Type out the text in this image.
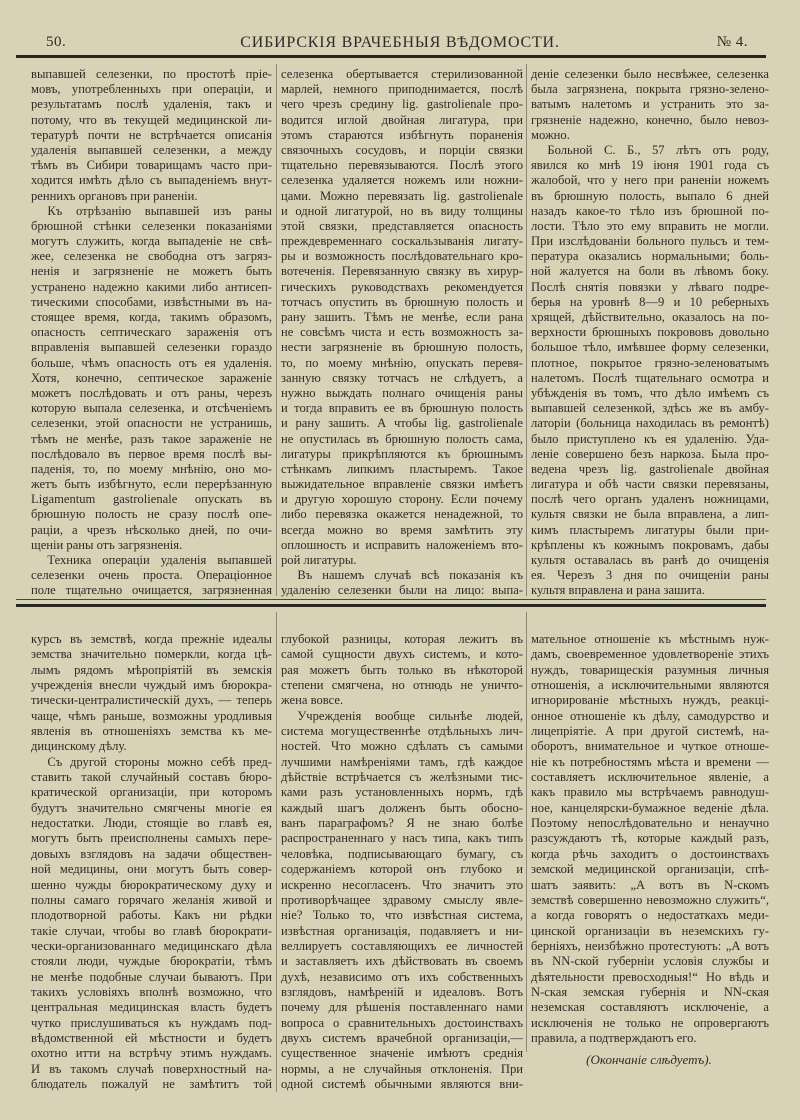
50.	СИБИРСКІЯ ВРАЧЕБНЫЯ ВѢДОМОСТИ.	№ 4.
выпавшей селезенки, по простотѣ пріе-
мовъ, употребленныхъ при операціи, и
результатамъ послѣ удаленія, такъ и
потому, что въ текущей медицинской ли-
тературѣ почти не встрѣчается описанія
удаленія выпавшей селезенки, а между
тѣмъ въ Сибири товарищамъ часто при-
ходится имѣть дѣло съ выпаденіемъ внут-
реннихъ органовъ при раненіи.
Къ отрѣзанію выпавшей изъ раны
брюшной стѣнки селезенки показаніями
могутъ служить, когда выпаденіе не свѣ-
жее, селезенка не свободна отъ загряз-
ненія и загрязненіе не можетъ быть
устранено надежно какими либо антисеп-
тическими способами, извѣстными въ на-
стоящее время, когда, такимъ образомъ,
опасность септическаго зараженія отъ
вправленія выпавшей селезенки гораздо
больше, чѣмъ опасность отъ ея удаленія.
Хотя, конечно, септическое зараженіе
можетъ послѣдовать и отъ раны, черезъ
которую выпала селезенка, и отсѣченіемъ
селезенки, этой опасности не устранишь,
тѣмъ не менѣе, разъ такое зараженіе не
послѣдовало въ первое время послѣ вы-
паденія, то, по моему мнѣнію, оно мо-
жетъ быть избѣгнуто, если перерѣзанную
Ligamentum gastrolienale опускать въ
брюшную полость не сразу послѣ опе-
раціи, а чрезъ нѣсколько дней, по очи-
щеніи раны отъ загрязненія.
Техника операціи удаленія выпавшей
селезенки очень проста. Операціонное
поле тщательно очищается, загрязненная
селезенка обертывается стерилизованной
марлей, немного приподнимается, послѣ
чего чрезъ средину lig. gastrolienale про-
водится иглой двойная лигатура, при
этомъ стараются избѣгнуть пораненія
связочныхъ сосудовъ, и порціи связки
тщательно перевязываются. Послѣ этого
селезенка удаляется ножемъ или ножни-
цами. Можно перевязать lig. gastrolienale
и одной лигатурой, но въ виду толщины
этой связки, представляется опасность
преждевременнаго соскальзыванія лигату-
ры и возможность послѣдовательнаго кро-
вотеченія. Перевязанную связку въ хирур-
гическихъ руководствахъ рекомендуется
тотчасъ опустить въ брюшную полость и
рану зашить. Тѣмъ не менѣе, если рана
не совсѣмъ чиста и есть возможность за-
нести загрязненіе въ брюшную полость,
то, по моему мнѣнію, опускать перевя-
занную связку тотчасъ не слѣдуетъ, а
нужно выждать полнаго очищенія раны
и тогда вправить ее въ брюшную полость
и рану зашить. А чтобы lig. gastrolienale
не опустилась въ брюшную полость сама,
лигатуры прикрѣпляются къ брюшнымъ
стѣнкамъ липкимъ пластыремъ. Такое
выжидательное вправленіе связки имѣетъ
и другую хорошую сторону. Если почему
либо перевязка окажется ненадежной, то
всегда можно во время замѣтить эту
оплошность и исправить наложеніемъ вто-
рой лигатуры.
Въ нашемъ случаѣ всѣ показанія къ
удаленію селезенки были на лицо: выпа-
деніе селезенки было несвѣжее, селезенка
была загрязнена, покрыта грязно-зелено-
ватымъ налетомъ и устранить это за-
грязненіе надежно, конечно, было невоз-
можно.
Больной С. Б., 57 лѣтъ отъ роду,
явился ко мнѣ 19 іюня 1901 года съ
жалобой, что у него при раненіи ножемъ
въ брюшную полость, выпало 6 дней
назадъ какое-то тѣло изъ брюшной по-
лости. Тѣло это ему вправить не могли.
При изслѣдованіи больного пульсъ и тем-
пература оказались нормальными; боль-
ной жалуется на боли въ лѣвомъ боку.
Послѣ снятія повязки у лѣваго подре-
берья на уровнѣ 8—9 и 10 реберныхъ
хрящей, дѣйствительно, оказалось на по-
верхности брюшныхъ покрововъ довольно
большое тѣло, имѣвшее форму селезенки,
плотное, покрытое грязно-зеленоватымъ
налетомъ. Послѣ тщательнаго осмотра и
убѣжденія въ томъ, что дѣло имѣемъ съ
выпавшей селезенкой, здѣсь же въ амбу-
латоріи (больница находилась въ ремонтѣ)
было приступлено къ ея удаленію. Уда-
леніе совершено безъ наркоза. Была про-
ведена чрезъ lig. gastrolienale двойная
лигатура и обѣ части связки перевязаны,
послѣ чего органъ удаленъ ножницами,
культя связки не была вправлена, а лип-
кимъ пластыремъ лигатуры были при-
крѣплены къ кожнымъ покровамъ, дабы
культя оставалась въ ранѣ до очищенія
ея. Черезъ 3 дня по очищеніи раны
культя вправлена и рана зашита.
курсъ въ земствѣ, когда прежніе идеалы
земства значительно померкли, когда цѣ-
лымъ рядомъ мѣропріятій въ земскія
учрежденія внесли чуждый имъ бюрокра-
тически-централистическій духъ, — теперь
чаще, чѣмъ раньше, возможны уродливыя
явленія въ отношеніяхъ земства къ ме-
дицинскому дѣлу.
Съ другой стороны можно себѣ пред-
ставить такой случайный составъ бюро-
кратической организаціи, при которомъ
будутъ значительно смягчены многіе ея
недостатки. Люди, стоящіе во главѣ ея,
могутъ быть преисполнены самыхъ пере-
довыхъ взглядовъ на задачи обществен-
ной медицины, они могутъ быть совер-
шенно чужды бюрократическому духу и
полны самаго горячаго желанія живой и
плодотворной работы. Какъ ни рѣдки
такіе случаи, чтобы во главѣ бюрократи-
чески-организованнаго медицинскаго дѣла
стояли люди, чуждые бюрократіи, тѣмъ
не менѣе подобные случаи бываютъ. При
такихъ условіяхъ вполнѣ возможно, что
центральная медицинская власть будетъ
чутко прислушиваться къ нуждамъ под-
вѣдомственной ей мѣстности и будетъ
охотно итти на встрѣчу этимъ нуждамъ.
И въ такомъ случаѣ поверхностный на-
блюдатель пожалуй не замѣтитъ той
глубокой разницы, которая лежитъ въ
самой сущности двухъ системъ, и кото-
рая можетъ быть только въ нѣкоторой
степени смягчена, но отнюдь не уничто-
жена вовсе.
Учрежденія вообще сильнѣе людей,
система могущественнѣе отдѣльныхъ лич-
ностей. Что можно сдѣлать съ самыми
лучшими намѣреніями тамъ, гдѣ каждое
дѣйствіе встрѣчается съ желѣзными тис-
ками разъ установленныхъ нормъ, гдѣ
каждый шагъ долженъ быть обосно-
ванъ параграфомъ? Я не знаю болѣе
распространеннаго у насъ типа, какъ типъ
человѣка, подписывающаго бумагу, съ
содержаніемъ которой онъ глубоко и
искренно несогласенъ. Что значитъ это
противорѣчащее здравому смыслу явле-
ніе? Только то, что извѣстная система,
извѣстная организація, подавляетъ и ни-
веллируетъ составляющихъ ее личностей
и заставляетъ ихъ дѣйствовать въ своемъ
духѣ, независимо отъ ихъ собственныхъ
взглядовъ, намѣреній и идеаловъ. Вотъ
почему для рѣшенія поставленнаго нами
вопроса о сравнительныхъ достоинствахъ
двухъ системъ врачебной организаціи,—
существенное значеніе имѣютъ среднія
нормы, а не случайныя отклоненія. При
одной системѣ обычными являются вни-
мательное отношеніе къ мѣстнымъ нуж-
дамъ, своевременное удовлетвореніе этихъ
нуждъ, товарищескія разумныя личныя
отношенія, а исключительными являются
игнорированіе мѣстныхъ нуждъ, реакці-
онное отношеніе къ дѣлу, самодурство и
лицепріятіе. А при другой системѣ, на-
оборотъ, внимательное и чуткое отноше-
ніе къ потребностямъ мѣста и времени —
составляетъ исключительное явленіе, а
какъ правило мы встрѣчаемъ равнодуш-
ное, канцелярски-бумажное веденіе дѣла.
Поэтому непослѣдовательно и ненаучно
разсуждаютъ тѣ, которые каждый разъ,
когда рѣчь заходитъ о достоинствахъ
земской медицинской организаціи, спѣ-
шатъ заявить: „А вотъ въ N-скомъ
земствѣ совершенно невозможно служить“,
а когда говорятъ о недостаткахъ меди-
цинской организаціи въ неземскихъ гу-
берніяхъ, неизбѣжно протестуютъ: „А вотъ
въ NN-ской губерніи условія службы и
дѣятельности превосходныя!“ Но вѣдь и
N-ская земская губернія и NN-ская
неземская составляютъ исключеніе, а
исключенія не только не опровергаютъ
правила, а подтверждаютъ его.
(Окончаніе слѣдуетъ).
